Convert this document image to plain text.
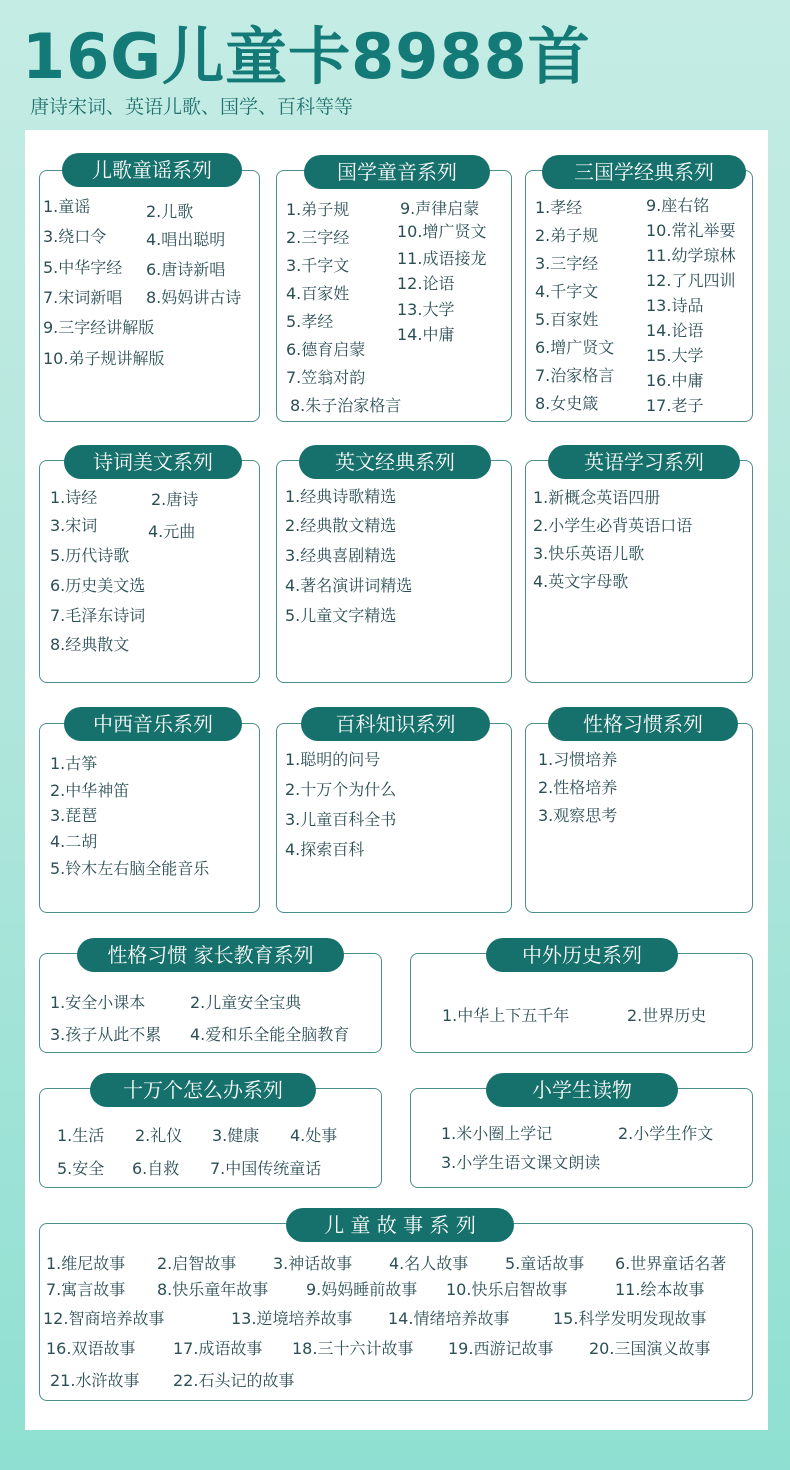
16G儿童卡8988首
唐诗宋词、英语儿歌、国学、百科等等
儿歌童谣系列
1.童谣	2.儿歌
3.绕口令 4.唱出聪明
5.中华字经 6.唐诗新唱
7.宋词新唱 8.妈妈讲古诗
9.三字经讲解版
10.弟子规讲解版
国学童音系列
1.弟子规
2.三字经
3.千字文
4.百家姓
5.孝经
6.德育启蒙
7.笠翁对韵
8.朱子治家格言
9.声律启蒙
10.增广贤文
11.成语接龙
12.论语
13.大学
14.中庸
三国学经典系列
1.孝经
2.弟子规
3.三字经
4.千字文
5.百家姓
6.增广贤文
7.治家格言
8.女史箴
9.座右铭
10.常礼举要
11.幼学琼林
12.了凡四训
13.诗品
14.论语
15.大学
16.中庸
17.老子
诗词美文系列
1.诗经	2.唐诗
3.宋词	4.元曲
5.历代诗歌
6.历史美文选
7.毛泽东诗词
8.经典散文
英文经典系列
1.经典诗歌精选
2.经典散文精选
3.经典喜剧精选
4.著名演讲词精选
5.儿童文字精选
英语学习系列
1.新概念英语四册
2.小学生必背英语口语
3.快乐英语儿歌
4.英文字母歌
中西音乐系列
1.古筝
2.中华神笛
3.琵琶
4.二胡
5.铃木左右脑全能音乐
百科知识系列
1.聪明的问号
2.十万个为什么
3.儿童百科全书
4.探索百科
性格习惯系列
1.习惯培养
2.性格培养
3.观察思考
性格习惯 家长教育系列
1.安全小课本	2.儿童安全宝典
3.孩子从此不累 4.爱和乐全能全脑教育
中外历史系列
1.中华上下五千年	2.世界历史
十万个怎么办系列
1.生活 2.礼仪 3.健康 4.处事
5.安全 6.自救 7.中国传统童话
小学生读物
1.米小圈上学记	2.小学生作文
3.小学生语文课文朗读
儿 童 故 事 系 列
1.维尼故事 2.启智故事 3.神话故事 4.名人故事 5.童话故事 6.世界童话名著
7.寓言故事 8.快乐童年故事 9.妈妈睡前故事 10.快乐启智故事	11.绘本故事
12.智商培养故事	13.逆境培养故事 14.情绪培养故事	15.科学发明发现故事
16.双语故事 17.成语故事 18.三十六计故事 19.西游记故事 20.三国演义故事
21.水浒故事 22.石头记的故事
